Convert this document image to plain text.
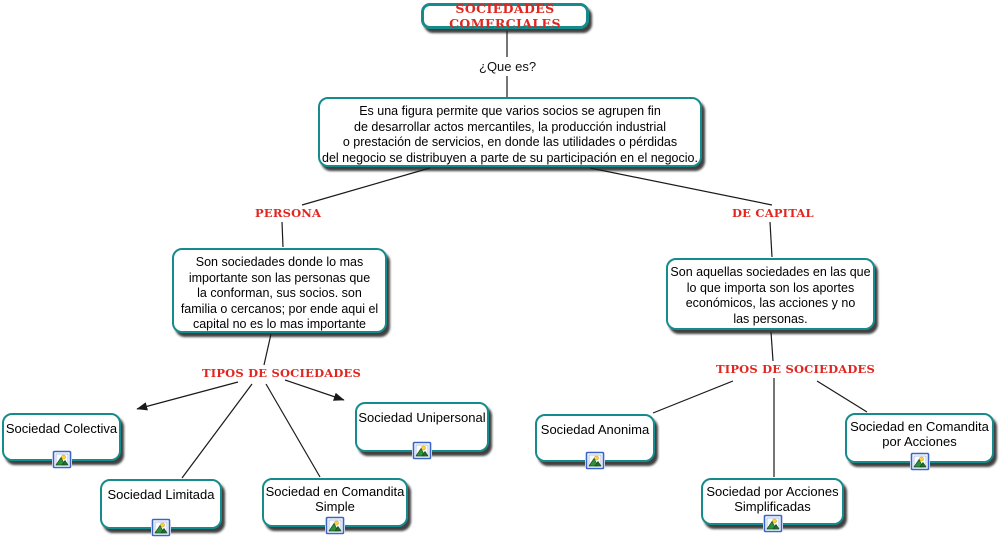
SOCIEDADES COMERCIALES
¿Que es?
Es una figura permite que varios socios se agrupen fin
de desarrollar actos mercantiles, la producción industrial
o prestación de servicios, en donde las utilidades o pérdidas
del negocio se distribuyen a parte de su participación en el negocio.
PERSONA	DE CAPITAL
Son sociedades donde lo mas
importante son las personas que
la conforman, sus socios. son
familia o cercanos; por ende aqui el
capital no es lo mas importante
Son aquellas sociedades en las que
lo que importa son los aportes
económicos, las acciones y no
las personas.
TIPOS DE SOCIEDADES	TIPOS DE SOCIEDADES
Sociedad Colectiva
Sociedad Limitada	Sociedad en Comandita
Simple
Sociedad Unipersonal
Sociedad Anonima
Sociedad por Acciones
Simplificadas
Sociedad en Comandita
por Acciones
